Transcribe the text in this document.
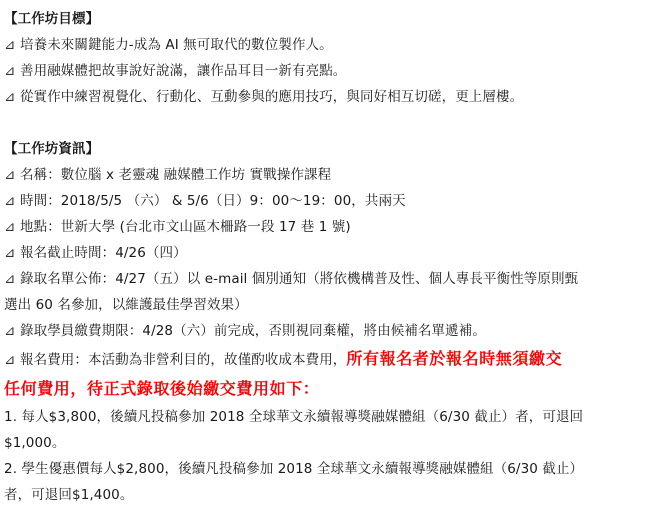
【工作坊目標】
⊿ 培養未來關鍵能力-成為 AI 無可取代的數位製作人。
⊿ 善用融媒體把故事說好說滿，讓作品耳目一新有亮點。
⊿ 從實作中練習視覺化、行動化、互動參與的應用技巧，與同好相互切磋，更上層樓。
【工作坊資訊】
⊿ 名稱：數位腦 x 老靈魂 融媒體工作坊 實戰操作課程
⊿ 時間：2018/5/5 （六） & 5/6（日）9：00～19：00，共兩天
⊿ 地點：世新大學 (台北市文山區木柵路一段 17 巷 1 號)
⊿ 報名截止時間：4/26（四）
⊿ 錄取名單公佈：4/27（五）以 e-mail 個別通知（將依機構普及性、個人專長平衡性等原則甄
選出 60 名參加，以維護最佳學習效果）
⊿ 錄取學員繳費期限：4/28（六）前完成，否則視同棄權，將由候補名單遞補。
⊿ 報名費用：本活動為非營利目的，故僅酌收成本費用，所有報名者於報名時無須繳交
任何費用，待正式錄取後始繳交費用如下：
1. 每人$3,800，後續凡投稿參加 2018 全球華文永續報導獎融媒體組（6/30 截止）者，可退回
$1,000。
2. 學生優惠價每人$2,800，後續凡投稿參加 2018 全球華文永續報導獎融媒體組（6/30 截止）
者，可退回$1,400。
